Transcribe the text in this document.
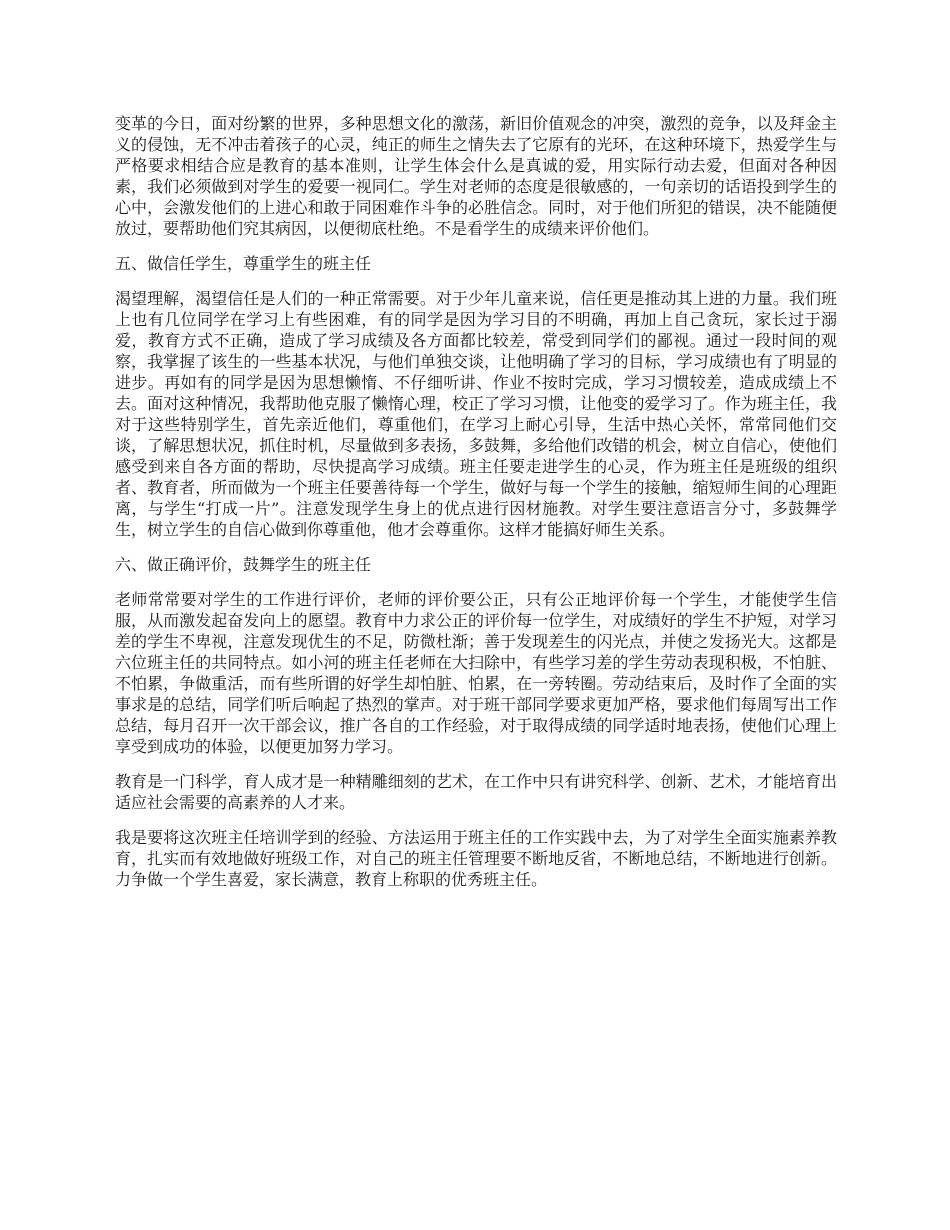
变革的今日，面对纷繁的世界，多种思想文化的激荡，新旧价值观念的冲突，激烈的竞争，以及拜金主义的侵蚀，无不冲击着孩子的心灵，纯正的师生之情失去了它原有的光环，在这种环境下，热爱学生与严格要求相结合应是教育的基本准则，让学生体会什么是真诚的爱，用实际行动去爱，但面对各种因素，我们必须做到对学生的爱要一视同仁。学生对老师的态度是很敏感的，一句亲切的话语投到学生的心中，会激发他们的上进心和敢于同困难作斗争的必胜信念。同时，对于他们所犯的错误，决不能随便放过，要帮助他们究其病因，以便彻底杜绝。不是看学生的成绩来评价他们。

五、做信任学生，尊重学生的班主任

渴望理解，渴望信任是人们的一种正常需要。对于少年儿童来说，信任更是推动其上进的力量。我们班上也有几位同学在学习上有些困难，有的同学是因为学习目的不明确，再加上自己贪玩，家长过于溺爱，教育方式不正确，造成了学习成绩及各方面都比较差，常受到同学们的鄙视。通过一段时间的观察，我掌握了该生的一些基本状况，与他们单独交谈，让他明确了学习的目标，学习成绩也有了明显的进步。再如有的同学是因为思想懒惰、不仔细听讲、作业不按时完成，学习习惯较差，造成成绩上不去。面对这种情况，我帮助他克服了懒惰心理，校正了学习习惯，让他变的爱学习了。作为班主任，我对于这些特别学生，首先亲近他们，尊重他们，在学习上耐心引导，生活中热心关怀，常常同他们交谈，了解思想状况，抓住时机，尽量做到多表扬，多鼓舞，多给他们改错的机会，树立自信心，使他们感受到来自各方面的帮助，尽快提高学习成绩。班主任要走进学生的心灵，作为班主任是班级的组织者、教育者，所而做为一个班主任要善待每一个学生，做好与每一个学生的接触，缩短师生间的心理距离，与学生“打成一片”。注意发现学生身上的优点进行因材施教。对学生要注意语言分寸，多鼓舞学生，树立学生的自信心做到你尊重他，他才会尊重你。这样才能搞好师生关系。

六、做正确评价，鼓舞学生的班主任

老师常常要对学生的工作进行评价，老师的评价要公正，只有公正地评价每一个学生，才能使学生信服，从而激发起奋发向上的愿望。教育中力求公正的评价每一位学生，对成绩好的学生不护短，对学习差的学生不卑视，注意发现优生的不足，防微杜渐；善于发现差生的闪光点，并使之发扬光大。这都是六位班主任的共同特点。如小河的班主任老师在大扫除中，有些学习差的学生劳动表现积极，不怕脏、不怕累，争做重活，而有些所谓的好学生却怕脏、怕累，在一旁转圈。劳动结束后，及时作了全面的实事求是的总结，同学们听后响起了热烈的掌声。对于班干部同学要求更加严格，要求他们每周写出工作总结，每月召开一次干部会议，推广各自的工作经验，对于取得成绩的同学适时地表扬，使他们心理上享受到成功的体验，以便更加努力学习。

教育是一门科学，育人成才是一种精雕细刻的艺术，在工作中只有讲究科学、创新、艺术，才能培育出适应社会需要的高素养的人才来。

我是要将这次班主任培训学到的经验、方法运用于班主任的工作实践中去，为了对学生全面实施素养教育，扎实而有效地做好班级工作，对自己的班主任管理要不断地反省，不断地总结，不断地进行创新。力争做一个学生喜爱，家长满意，教育上称职的优秀班主任。
